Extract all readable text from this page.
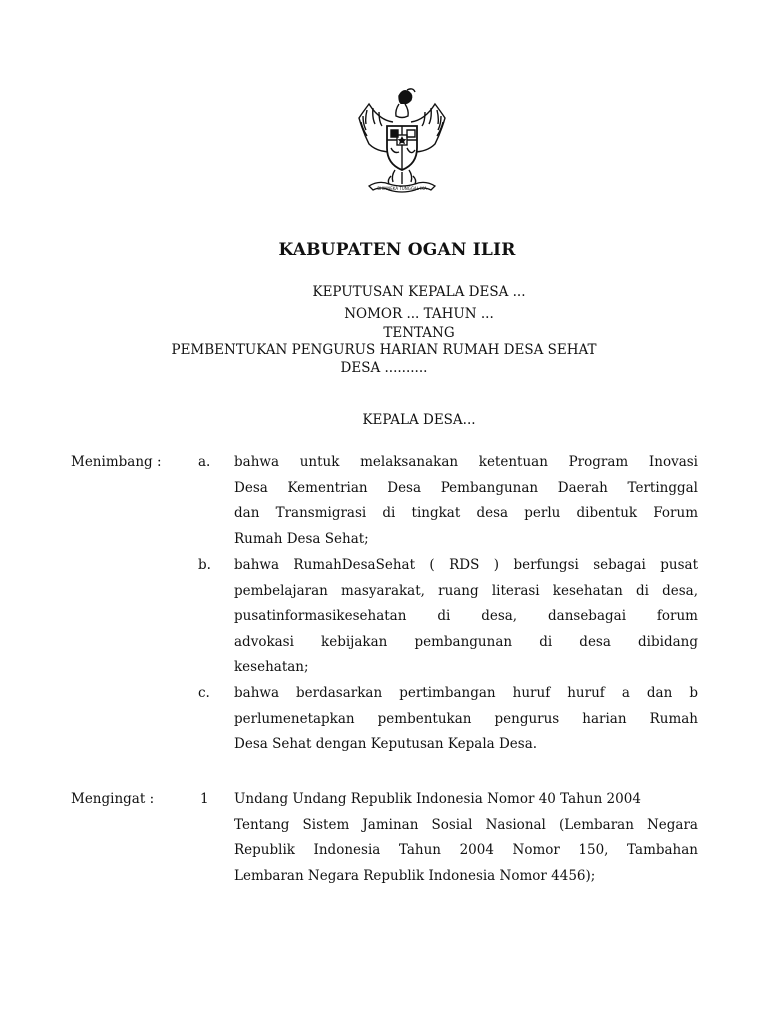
BHINNEKA TUNGGAL IKA
KABUPATEN OGAN ILIR
KEPUTUSAN KEPALA DESA ...
NOMOR ... TAHUN ...
TENTANG
PEMBENTUKAN PENGURUS HARIAN RUMAH DESA SEHAT
DESA ..........
KEPALA DESA...
Menimbang :	a. bahwa untuk melaksanakan ketentuan Program Inovasi
Desa Kementrian Desa Pembangunan Daerah Tertinggal
dan Transmigrasi di tingkat desa perlu dibentuk Forum
Rumah Desa Sehat;
b. bahwa RumahDesaSehat ( RDS ) berfungsi sebagai pusat
pembelajaran masyarakat, ruang literasi kesehatan di desa,
pusatinformasikesehatan di desa, dansebagai forum
advokasi kebijakan pembangunan di desa dibidang
kesehatan;
c. bahwa berdasarkan pertimbangan huruf huruf a dan b
perlumenetapkan pembentukan pengurus harian Rumah
Desa Sehat dengan Keputusan Kepala Desa.
Mengingat :	1 Undang Undang Republik Indonesia Nomor 40 Tahun 2004
Tentang Sistem Jaminan Sosial Nasional (Lembaran Negara
Republik Indonesia Tahun 2004 Nomor 150, Tambahan
Lembaran Negara Republik Indonesia Nomor 4456);
